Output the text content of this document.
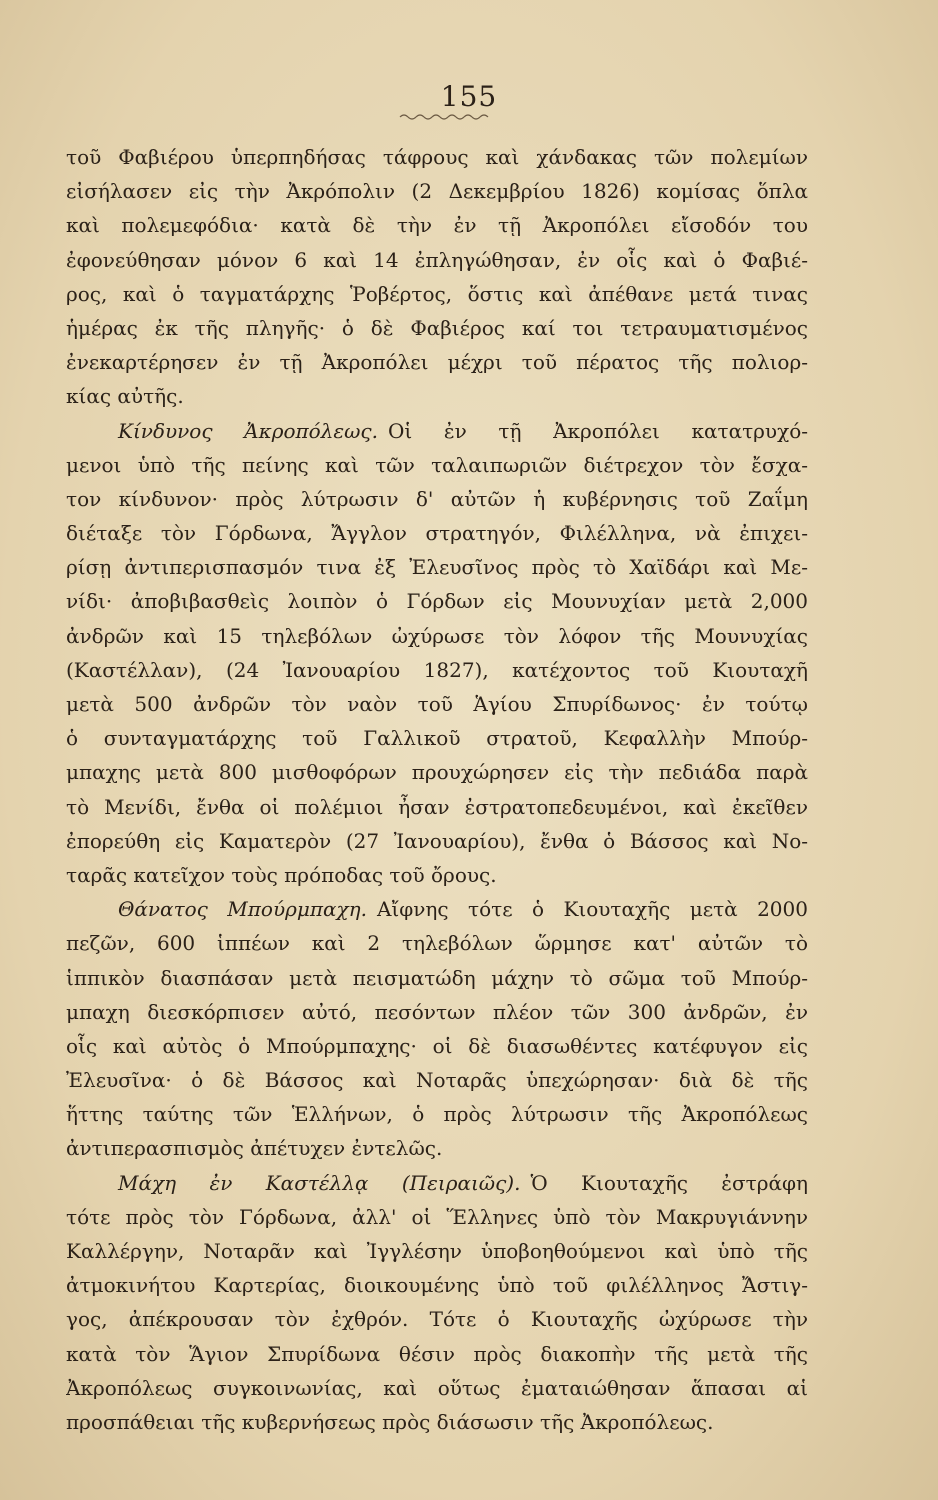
155
τοῦ Φαβιέρου ὑπερπηδήσας τάφρους καὶ χάνδακας τῶν πολεμίων
εἰσήλασεν εἰς τὴν Ἀκρόπολιν (2 Δεκεμβρίου 1826) κομίσας ὅπλα
καὶ πολεμεφόδια· κατὰ δὲ τὴν ἐν τῇ Ἀκροπόλει εἴσοδόν του
ἐφονεύθησαν μόνον 6 καὶ 14 ἐπληγώθησαν, ἐν οἷς καὶ ὁ Φαβιέ-
ρος, καὶ ὁ ταγματάρχης Ῥοβέρτος, ὅστις καὶ ἀπέθανε μετά τινας
ἡμέρας ἐκ τῆς πληγῆς· ὁ δὲ Φαβιέρος καί τοι τετραυματισμένος
ἐνεκαρτέρησεν ἐν τῇ Ἀκροπόλει μέχρι τοῦ πέρατος τῆς πολιορ-
κίας αὐτῆς.
Κίνδυνος Ἀκροπόλεως. Οἱ ἐν τῇ Ἀκροπόλει κατατρυχό-
μενοι ὑπὸ τῆς πείνης καὶ τῶν ταλαιπωριῶν διέτρεχον τὸν ἔσχα-
τον κίνδυνον· πρὸς λύτρωσιν δ' αὐτῶν ἡ κυβέρνησις τοῦ Ζαΐμη
διέταξε τὸν Γόρδωνα, Ἄγγλον στρατηγόν, Φιλέλληνα, νὰ ἐπιχει-
ρίσῃ ἀντιπερισπασμόν τινα ἐξ Ἐλευσῖνος πρὸς τὸ Χαϊδάρι καὶ Με-
νίδι· ἀποβιβασθεὶς λοιπὸν ὁ Γόρδων εἰς Μουνυχίαν μετὰ 2,000
ἀνδρῶν καὶ 15 τηλεβόλων ὠχύρωσε τὸν λόφον τῆς Μουνυχίας
(Καστέλλαν), (24 Ἰανουαρίου 1827), κατέχοντος τοῦ Κιουταχῆ
μετὰ 500 ἀνδρῶν τὸν ναὸν τοῦ Ἁγίου Σπυρίδωνος· ἐν τούτῳ
ὁ συνταγματάρχης τοῦ Γαλλικοῦ στρατοῦ, Κεφαλλὴν Μπούρ-
μπαχης μετὰ 800 μισθοφόρων προυχώρησεν εἰς τὴν πεδιάδα παρὰ
τὸ Μενίδι, ἔνθα οἱ πολέμιοι ἦσαν ἐστρατοπεδευμένοι, καὶ ἐκεῖθεν
ἐπορεύθη εἰς Καματερὸν (27 Ἰανουαρίου), ἔνθα ὁ Βάσσος καὶ Νο-
ταρᾶς κατεῖχον τοὺς πρόποδας τοῦ ὄρους.
Θάνατος Μπούρμπαχη. Αἴφνης τότε ὁ Κιουταχῆς μετὰ 2000
πεζῶν, 600 ἱππέων καὶ 2 τηλεβόλων ὥρμησε κατ' αὐτῶν τὸ
ἱππικὸν διασπάσαν μετὰ πεισματώδη μάχην τὸ σῶμα τοῦ Μπούρ-
μπαχη διεσκόρπισεν αὐτό, πεσόντων πλέον τῶν 300 ἀνδρῶν, ἐν
οἷς καὶ αὐτὸς ὁ Μπούρμπαχης· οἱ δὲ διασωθέντες κατέφυγον εἰς
Ἐλευσῖνα· ὁ δὲ Βάσσος καὶ Νοταρᾶς ὑπεχώρησαν· διὰ δὲ τῆς
ἥττης ταύτης τῶν Ἑλλήνων, ὁ πρὸς λύτρωσιν τῆς Ἀκροπόλεως
ἀντιπερασπισμὸς ἀπέτυχεν ἐντελῶς.
Μάχη ἐν Καστέλλᾳ (Πειραιῶς). Ὁ Κιουταχῆς ἐστράφη
τότε πρὸς τὸν Γόρδωνα, ἀλλ' οἱ Ἕλληνες ὑπὸ τὸν Μακρυγιάννην
Καλλέργην, Νοταρᾶν καὶ Ἰγγλέσην ὑποβοηθούμενοι καὶ ὑπὸ τῆς
ἀτμοκινήτου Καρτερίας, διοικουμένης ὑπὸ τοῦ φιλέλληνος Ἄστιγ-
γος, ἀπέκρουσαν τὸν ἐχθρόν. Τότε ὁ Κιουταχῆς ὠχύρωσε τὴν
κατὰ τὸν Ἅγιον Σπυρίδωνα θέσιν πρὸς διακοπὴν τῆς μετὰ τῆς
Ἀκροπόλεως συγκοινωνίας, καὶ οὕτως ἐματαιώθησαν ἅπασαι αἱ
προσπάθειαι τῆς κυβερνήσεως πρὸς διάσωσιν τῆς Ἀκροπόλεως.
